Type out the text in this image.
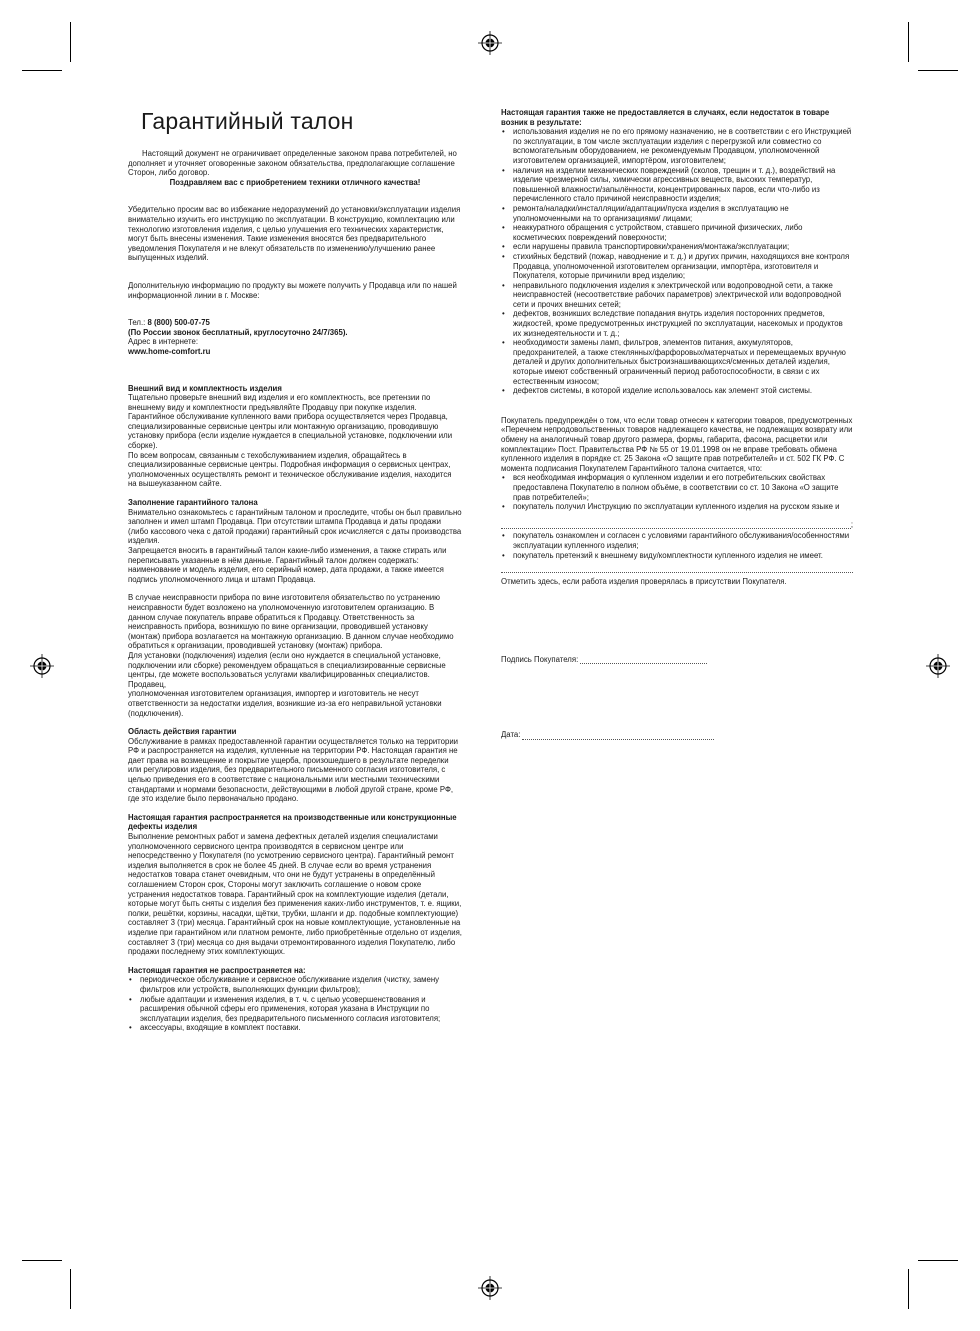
Гарантийный талон

Настоящий документ не ограничивает определенные законом права потребителей, но дополняет и уточняет оговоренные законом обязательства, предполагающие соглашение Сторон, либо договор.

Поздравляем вас с приобретением техники отличного качества!

Убедительно просим вас во избежание недоразумений до установки/эксплуатации изделия внимательно изучить его инструкцию по эксплуатации. В конструкцию, комплектацию или технологию изготовления изделия, с целью улучшения его технических характеристик, могут быть внесены изменения. Такие изменения вносятся без предварительного уведомления Покупателя и не влекут обязательств по изменению/улучшению ранее выпущенных изделий.

Дополнительную информацию по продукту вы можете получить у Продавца или по нашей информационной линии в г. Москве:

Тел.: 8 (800) 500-07-75

(По России звонок бесплатный, круглосуточно 24/7/365).

Адрес в интернете:

www.home-comfort.ru

Внешний вид и комплектность изделия

Тщательно проверьте внешний вид изделия и его комплектность, все претензии по внешнему виду и комплектности предъявляйте Продавцу при покупке изделия. Гарантийное обслуживание купленного вами прибора осуществляется через Продавца, специализированные сервисные центры или монтажную организацию, проводившую установку прибора (если изделие нуждается в специальной установке, подключении или сборке).

По всем вопросам, связанным с техобслуживанием изделия, обращайтесь в специализированные сервисные центры. Подробная информация о сервисных центрах, уполномоченных осуществлять ремонт и техническое обслуживание изделия, находится на вышеуказанном сайте.

Заполнение гарантийного талона

Внимательно ознакомьтесь с гарантийным талоном и проследите, чтобы он был правильно заполнен и имел штамп Продавца. При отсутствии штампа Продавца и даты продажи (либо кассового чека с датой продажи) гарантийный срок исчисляется с даты производства изделия.

Запрещается вносить в гарантийный талон какие-либо изменения, а также стирать или переписывать указанные в нём данные. Гарантийный талон должен содержать: наименование и модель изделия, его серийный номер, дата продажи, а также имеется подпись уполномоченного лица и штамп Продавца.

В случае неисправности прибора по вине изготовителя обязательство по устранению неисправности будет возложено на уполномоченную изготовителем организацию. В данном случае покупатель вправе обратиться к Продавцу. Ответственность за неисправность прибора, возникшую по вине организации, проводившей установку (монтаж) прибора возлагается на монтажную организацию. В данном случае необходимо обратиться к организации, проводившей установку (монтаж) прибора.

Для установки (подключения) изделия (если оно нуждается в специальной установке, подключении или сборке) рекомендуем обращаться в специализированные сервисные центры, где можете воспользоваться услугами квалифицированных специалистов. Продавец,

уполномоченная изготовителем организация, импортер и изготовитель не несут ответственности за недостатки изделия, возникшие из-за его неправильной установки (подключения).

Область действия гарантии

Обслуживание в рамках предоставленной гарантии осуществляется только на территории РФ и распространяется на изделия, купленные на территории РФ. Настоящая гарантия не дает права на возмещение и покрытие ущерба, произошедшего в результате переделки или регулировки изделия, без предварительного письменного согласия изготовителя, с целью приведения его в соответствие с национальными или местными техническими стандартами и нормами безопасности, действующими в любой другой стране, кроме РФ, где это изделие было первоначально продано.

Настоящая гарантия распространяется на производственные или конструкционные дефекты изделия

Выполнение ремонтных работ и замена дефектных деталей изделия специалистами уполномоченного сервисного центра производятся в сервисном центре или непосредственно у Покупателя (по усмотрению сервисного центра). Гарантийный ремонт изделия выполняется в срок не более 45 дней. В случае если во время устранения недостатков товара станет очевидным, что они не будут устранены в определённый соглашением Сторон срок, Стороны могут заключить соглашение о новом сроке устранения недостатков товара. Гарантийный срок на комплектующие изделия (детали, которые могут быть сняты с изделия без применения каких-либо инструментов, т. е. ящики, полки, решётки, корзины, насадки, щётки, трубки, шланги и др. подобные комплектующие) составляет 3 (три) месяца. Гарантийный срок на новые комплектующие, установленные на изделие при гарантийном или платном ремонте, либо приобретённые отдельно от изделия, составляет 3 (три) месяца со дня выдачи отремонтированного изделия Покупателю, либо продажи последнему этих комплектующих.

Настоящая гарантия не распространяется на:

• периодическое обслуживание и сервисное обслуживание изделия (чистку, замену фильтров или устройств, выполняющих функции фильтров);
• любые адаптации и изменения изделия, в т. ч. с целью усовершенствования и расширения обычной сферы его применения, которая указана в Инструкции по эксплуатации изделия, без предварительного письменного согласия изготовителя;
• аксессуары, входящие в комплект поставки.

Настоящая гарантия также не предоставляется в случаях, если недостаток в товаре возник в результате:

• использования изделия не по его прямому назначению, не в соответствии с его Инструкцией по эксплуатации, в том числе эксплуатации изделия с перегрузкой или совместно со вспомогательным оборудованием, не рекомендуемым Продавцом, уполномоченной изготовителем организацией, импортёром, изготовителем;
• наличия на изделии механических повреждений (сколов, трещин и т. д.), воздействий на изделие чрезмерной силы, химически агрессивных веществ, высоких температур, повышенной влажности/запылённости, концентрированных паров, если что-либо из перечисленного стало причиной неисправности изделия;
• ремонта/наладки/инсталляции/адаптации/пуска изделия в эксплуатацию не уполномоченными на то организациями/ лицами;
• неаккуратного обращения с устройством, ставшего причиной физических, либо косметических повреждений поверхности;
• если нарушены правила транспортировки/хранения/монтажа/эксплуатации;
• стихийных бедствий (пожар, наводнение и т. д.) и других причин, находящихся вне контроля Продавца, уполномоченной изготовителем организации, импортёра, изготовителя и Покупателя, которые причинили вред изделию;
• неправильного подключения изделия к электрической или водопроводной сети, а также неисправностей (несоответствие рабочих параметров) электрической или водопроводной сети и прочих внешних сетей;
• дефектов, возникших вследствие попадания внутрь изделия посторонних предметов, жидкостей, кроме предусмотренных инструкцией по эксплуатации, насекомых и продуктов их жизнедеятельности и т. д.;
• необходимости замены ламп, фильтров, элементов питания, аккумуляторов, предохранителей, а также стеклянных/фарфоровых/матерчатых и перемещаемых вручную деталей и других дополнительных быстроизнашивающихся/сменных деталей изделия, которые имеют собственный ограниченный период работоспособности, в связи с их естественным износом;
• дефектов системы, в которой изделие использовалось как элемент этой системы.

Покупатель предупреждён о том, что если товар отнесен к категории товаров, предусмотренных «Перечнем непродовольственных товаров надлежащего качества, не подлежащих возврату или обмену на аналогичный товар другого размера, формы, габарита, фасона, расцветки или комплектации» Пост. Правительства РФ № 55 от 19.01.1998 он не вправе требовать обмена купленного изделия в порядке ст. 25 Закона «О защите прав потребителей» и ст. 502 ГК РФ. С момента подписания Покупателем Гарантийного талона считается, что:

• вся необходимая информация о купленном изделии и его потребительских свойствах предоставлена Покупателю в полном объёме, в соответствии со ст. 10 Закона «О защите прав потребителей»;
• покупатель получил Инструкцию по эксплуатации купленного изделия на русском языке и
;
• покупатель ознакомлен и согласен с условиями гарантийного обслуживания/особенностями эксплуатации купленного изделия;
• покупатель претензий к внешнему виду/комплектности купленного изделия не имеет.

Отметить здесь, если работа изделия проверялась в присутствии Покупателя.

Подпись Покупателя:
Дата:
